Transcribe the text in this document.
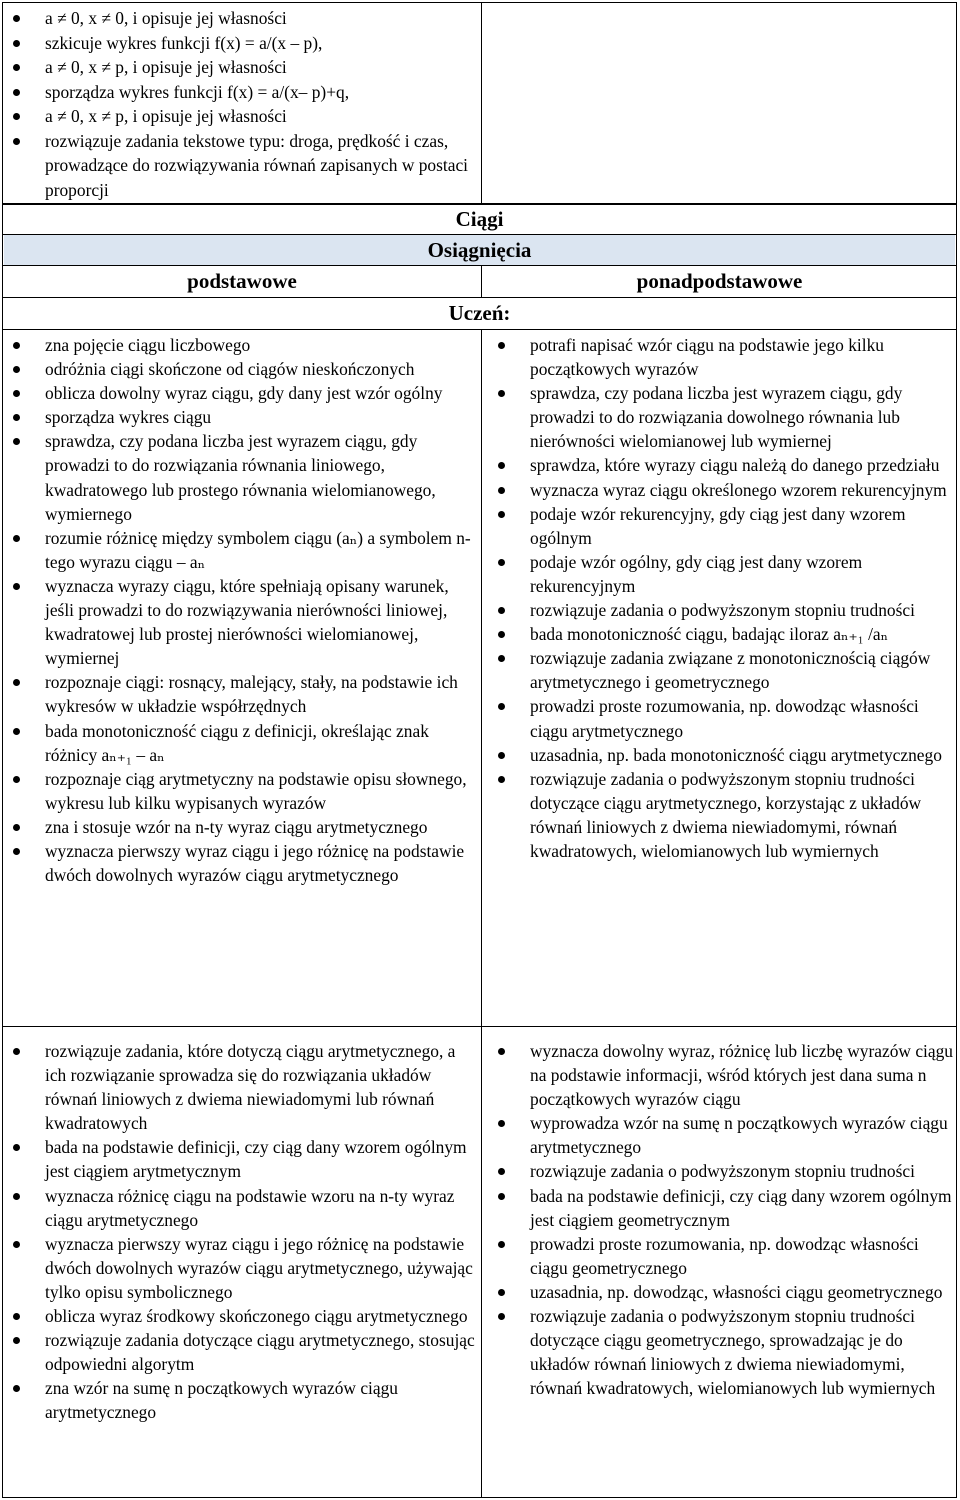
a ≠ 0, x ≠ 0, i opisuje jej własności
szkicuje wykres funkcji f(x) = a/(x – p),
a ≠ 0, x ≠ p, i opisuje jej własności
sporządza wykres funkcji f(x) = a/(x– p)+q,
a ≠ 0, x ≠ p, i opisuje jej własności
rozwiązuje zadania tekstowe typu: droga, prędkość i czas, prowadzące do rozwiązywania równań zapisanych w postaci proporcji
Ciągi
Osiągnięcia
podstawowe	ponadpodstawowe
Uczeń:
zna pojęcie ciągu liczbowego
odróżnia ciągi skończone od ciągów nieskończonych
oblicza dowolny wyraz ciągu, gdy dany jest wzór ogólny
sporządza wykres ciągu
sprawdza, czy podana liczba jest wyrazem ciągu, gdy prowadzi to do rozwiązania równania liniowego, kwadratowego lub prostego równania wielomianowego, wymiernego
rozumie różnicę między symbolem ciągu (aₙ) a symbolem n-tego wyrazu ciągu – aₙ
wyznacza wyrazy ciągu, które spełniają opisany warunek, jeśli prowadzi to do rozwiązywania nierówności liniowej, kwadratowej lub prostej nierówności wielomianowej, wymiernej
rozpoznaje ciągi: rosnący, malejący, stały, na podstawie ich wykresów w układzie współrzędnych
bada monotoniczność ciągu z definicji, określając znak różnicy aₙ₊₁ – aₙ
rozpoznaje ciąg arytmetyczny na podstawie opisu słownego, wykresu lub kilku wypisanych wyrazów
zna i stosuje wzór na n-ty wyraz ciągu arytmetycznego
wyznacza pierwszy wyraz ciągu i jego różnicę na podstawie dwóch dowolnych wyrazów ciągu arytmetycznego
potrafi napisać wzór ciągu na podstawie jego kilku początkowych wyrazów
sprawdza, czy podana liczba jest wyrazem ciągu, gdy prowadzi to do rozwiązania dowolnego równania lub nierówności wielomianowej lub wymiernej
sprawdza, które wyrazy ciągu należą do danego przedziału
wyznacza wyraz ciągu określonego wzorem rekurencyjnym
podaje wzór rekurencyjny, gdy ciąg jest dany wzorem ogólnym
podaje wzór ogólny, gdy ciąg jest dany wzorem rekurencyjnym
rozwiązuje zadania o podwyższonym stopniu trudności
bada monotoniczność ciągu, badając iloraz aₙ₊₁ /aₙ
rozwiązuje zadania związane z monotonicznością ciągów arytmetycznego i geometrycznego
prowadzi proste rozumowania, np. dowodząc własności ciągu arytmetycznego
uzasadnia, np. bada monotoniczność ciągu arytmetycznego
rozwiązuje zadania o podwyższonym stopniu trudności dotyczące ciągu arytmetycznego, korzystając z układów równań liniowych z dwiema niewiadomymi, równań kwadratowych, wielomianowych lub wymiernych
rozwiązuje zadania, które dotyczą ciągu arytmetycznego, a ich rozwiązanie sprowadza się do rozwiązania układów równań liniowych z dwiema niewiadomymi lub równań kwadratowych
bada na podstawie definicji, czy ciąg dany wzorem ogólnym jest ciągiem arytmetycznym
wyznacza różnicę ciągu na podstawie wzoru na n-ty wyraz ciągu arytmetycznego
wyznacza pierwszy wyraz ciągu i jego różnicę na podstawie dwóch dowolnych wyrazów ciągu arytmetycznego, używając tylko opisu symbolicznego
oblicza wyraz środkowy skończonego ciągu arytmetycznego
rozwiązuje zadania dotyczące ciągu arytmetycznego, stosując odpowiedni algorytm
zna wzór na sumę n początkowych wyrazów ciągu arytmetycznego
wyznacza dowolny wyraz, różnicę lub liczbę wyrazów ciągu na podstawie informacji, wśród których jest dana suma n początkowych wyrazów ciągu
wyprowadza wzór na sumę n początkowych wyrazów ciągu arytmetycznego
rozwiązuje zadania o podwyższonym stopniu trudności
bada na podstawie definicji, czy ciąg dany wzorem ogólnym jest ciągiem geometrycznym
prowadzi proste rozumowania, np. dowodząc własności ciągu geometrycznego
uzasadnia, np. dowodząc, własności ciągu geometrycznego
rozwiązuje zadania o podwyższonym stopniu trudności dotyczące ciągu geometrycznego, sprowadzając je do układów równań liniowych z dwiema niewiadomymi, równań kwadratowych, wielomianowych lub wymiernych
